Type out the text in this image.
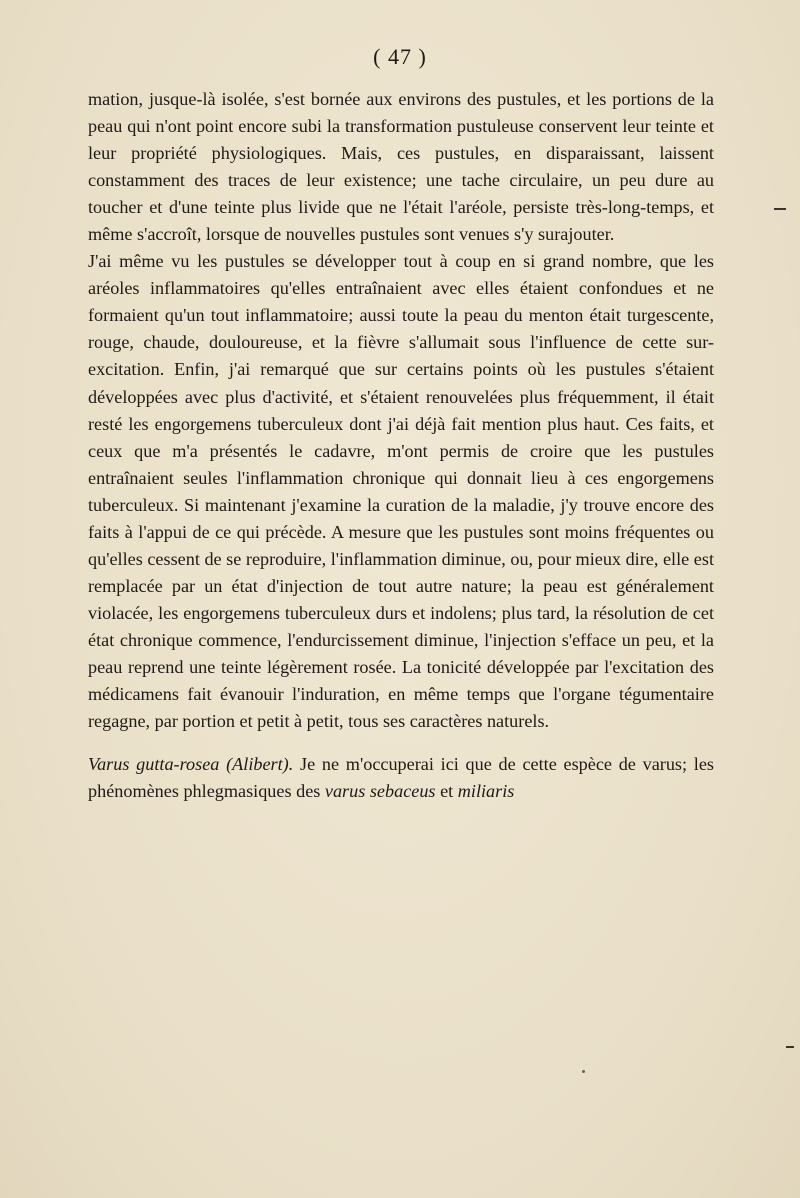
( 47 )

mation, jusque-là isolée, s'est bornée aux environs des pustules, et les portions de la peau qui n'ont point encore subi la transformation pustuleuse conservent leur teinte et leur propriété physiologiques. Mais, ces pustules, en disparaissant, laissent constamment des traces de leur existence; une tache circulaire, un peu dure au toucher et d'une teinte plus livide que ne l'était l'aréole, persiste très-long-temps, et même s'accroît, lorsque de nouvelles pustules sont venues s'y surajouter.

J'ai même vu les pustules se développer tout à coup en si grand nombre, que les aréoles inflammatoires qu'elles entraînaient avec elles étaient confondues et ne formaient qu'un tout inflammatoire; aussi toute la peau du menton était turgescente, rouge, chaude, douloureuse, et la fièvre s'allumait sous l'influence de cette sur-excitation. Enfin, j'ai remarqué que sur certains points où les pustules s'étaient développées avec plus d'activité, et s'étaient renouvelées plus fréquemment, il était resté les engorgemens tuberculeux dont j'ai déjà fait mention plus haut. Ces faits, et ceux que m'a présentés le cadavre, m'ont permis de croire que les pustules entraînaient seules l'inflammation chronique qui donnait lieu à ces engorgemens tuberculeux. Si maintenant j'examine la curation de la maladie, j'y trouve encore des faits à l'appui de ce qui précède. A mesure que les pustules sont moins fréquentes ou qu'elles cessent de se reproduire, l'inflammation diminue, ou, pour mieux dire, elle est remplacée par un état d'injection de tout autre nature; la peau est généralement violacée, les engorgemens tuberculeux durs et indolens; plus tard, la résolution de cet état chronique commence, l'endurcissement diminue, l'injection s'efface un peu, et la peau reprend une teinte légèrement rosée. La tonicité développée par l'excitation des médicamens fait évanouir l'induration, en même temps que l'organe tégumentaire regagne, par portion et petit à petit, tous ses caractères naturels.

Varus gutta-rosea (Alibert). Je ne m'occuperai ici que de cette espèce de varus; les phénomènes phlegmasiques des varus sebaceus et miliaris
